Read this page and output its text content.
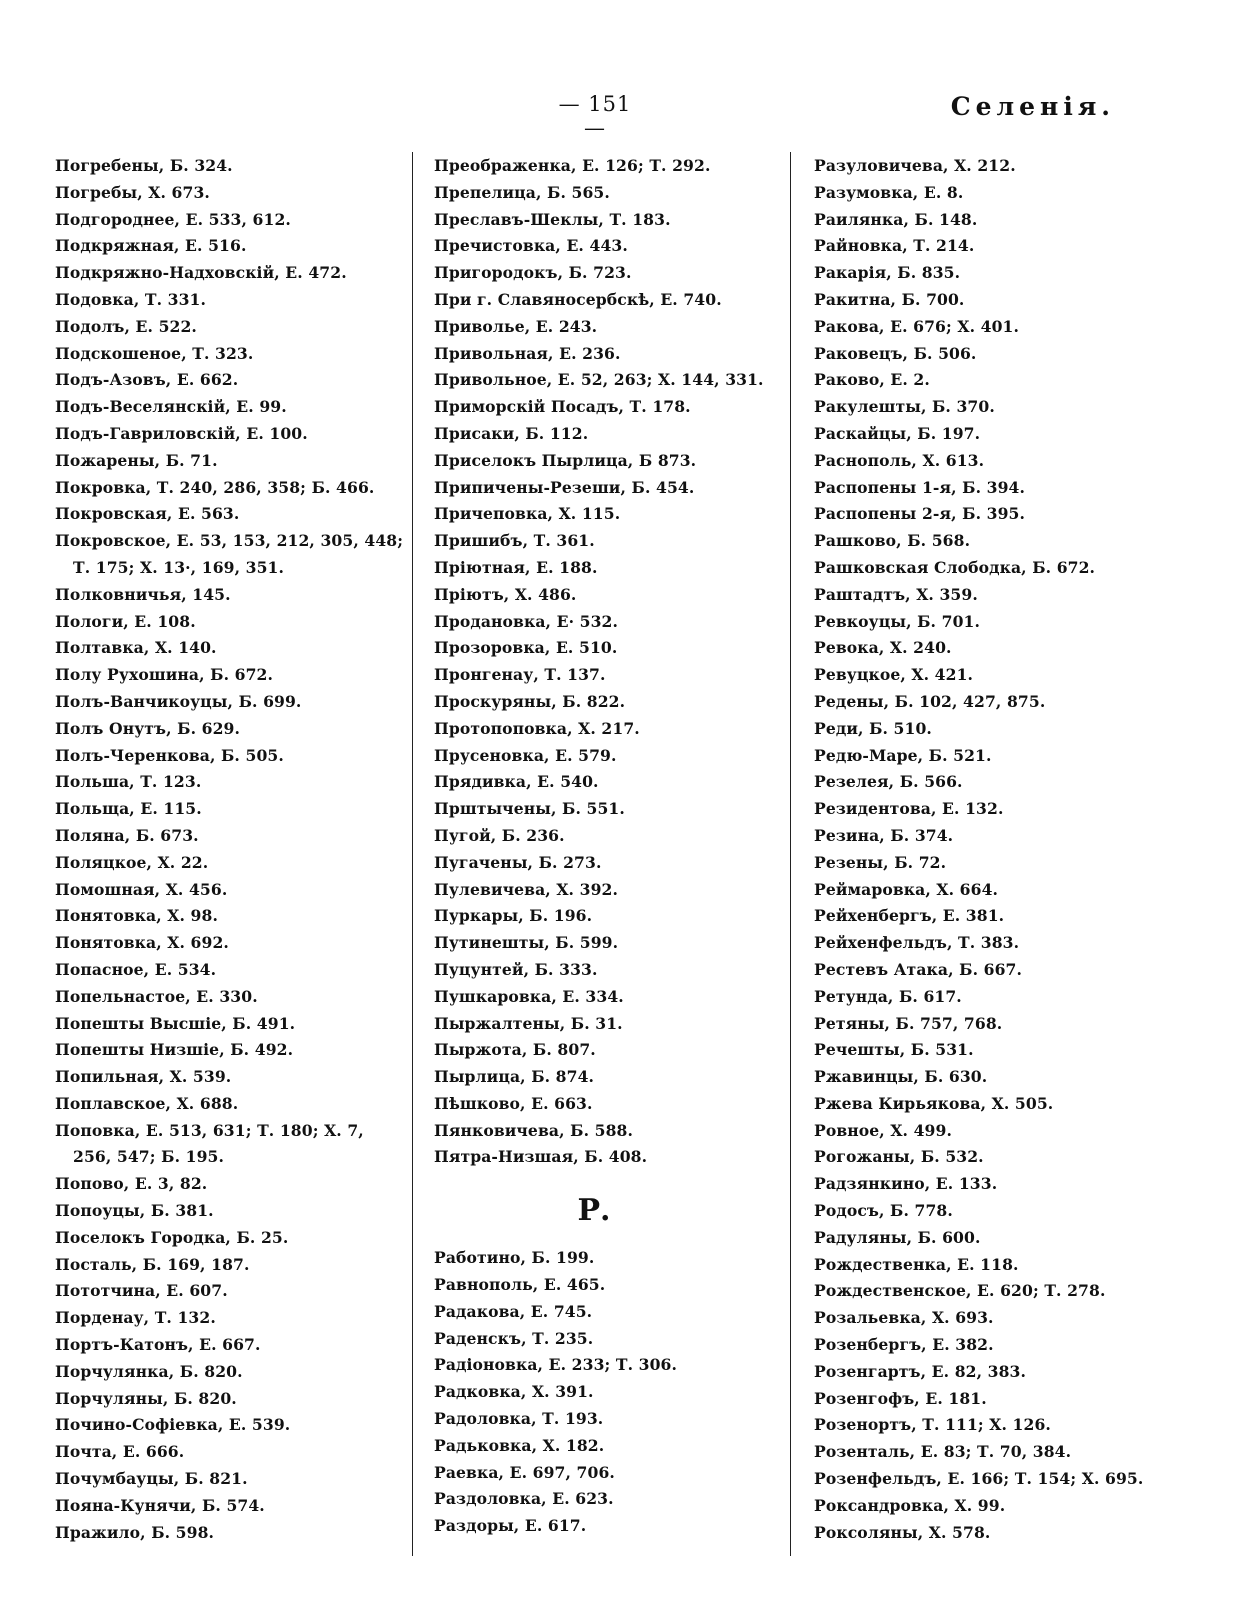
— 151 —
Селенія.
Погребены, Б. 324.
Погребы, Х. 673.
Подгороднее, Е. 533, 612.
Подкряжная, Е. 516.
Подкряжно-Надховскій, Е. 472.
Подовка, Т. 331.
Подолъ, Е. 522.
Подскошеное, Т. 323.
Подъ-Азовъ, Е. 662.
Подъ-Веселянскій, Е. 99.
Подъ-Гавриловскій, Е. 100.
Пожарены, Б. 71.
Покровка, Т. 240, 286, 358; Б. 466.
Покровская, Е. 563.
Покровское, Е. 53, 153, 212, 305, 448;
Т. 175; Х. 13·, 169, 351.
Полковничья, 145.
Пологи, Е. 108.
Полтавка, Х. 140.
Полу Рухошина, Б. 672.
Полъ-Ванчикоуцы, Б. 699.
Полъ Онутъ, Б. 629.
Полъ-Черенкова, Б. 505.
Польша, Т. 123.
Польща, Е. 115.
Поляна, Б. 673.
Поляцкое, Х. 22.
Помошная, Х. 456.
Понятовка, Х. 98.
Понятовка, Х. 692.
Попасное, Е. 534.
Попельнастое, Е. 330.
Попешты Высшіе, Б. 491.
Попешты Низшіе, Б. 492.
Попильная, Х. 539.
Поплавское, Х. 688.
Поповка, Е. 513, 631; Т. 180; Х. 7,
256, 547; Б. 195.
Попово, Е. 3, 82.
Попоуцы, Б. 381.
Поселокъ Городка, Б. 25.
Посталь, Б. 169, 187.
Пототчина, Е. 607.
Порденау, Т. 132.
Портъ-Катонъ, Е. 667.
Порчулянка, Б. 820.
Порчуляны, Б. 820.
Почино-Софіевка, Е. 539.
Почта, Е. 666.
Почумбауцы, Б. 821.
Пояна-Кунячи, Б. 574.
Пражило, Б. 598.
Преображенка, Е. 126; Т. 292.
Препелица, Б. 565.
Преславъ-Шеклы, Т. 183.
Пречистовка, Е. 443.
Пригородокъ, Б. 723.
При г. Славяносербскѣ, Е. 740.
Приволье, Е. 243.
Привольная, Е. 236.
Привольное, Е. 52, 263; Х. 144, 331.
Приморскій Посадъ, Т. 178.
Присаки, Б. 112.
Приселокъ Пырлица, Б 873.
Припичены-Резеши, Б. 454.
Причеповка, Х. 115.
Пришибъ, Т. 361.
Пріютная, Е. 188.
Пріютъ, Х. 486.
Продановка, Е· 532.
Прозоровка, Е. 510.
Пронгенау, Т. 137.
Проскуряны, Б. 822.
Протопоповка, Х. 217.
Прусеновка, Е. 579.
Прядивка, Е. 540.
Прштычены, Б. 551.
Пугой, Б. 236.
Пугачены, Б. 273.
Пулевичева, Х. 392.
Пуркары, Б. 196.
Путинешты, Б. 599.
Пуцунтей, Б. 333.
Пушкаровка, Е. 334.
Пыржалтены, Б. 31.
Пыржота, Б. 807.
Пырлица, Б. 874.
Пѣшково, Е. 663.
Пянковичева, Б. 588.
Пятра-Низшая, Б. 408.
Р.
Работино, Б. 199.
Равнополь, Е. 465.
Радакова, Е. 745.
Раденскъ, Т. 235.
Радіоновка, Е. 233; Т. 306.
Радковка, Х. 391.
Радоловка, Т. 193.
Радьковка, Х. 182.
Раевка, Е. 697, 706.
Раздоловка, Е. 623.
Раздоры, Е. 617.
Разуловичева, Х. 212.
Разумовка, Е. 8.
Раилянка, Б. 148.
Райновка, Т. 214.
Ракарія, Б. 835.
Ракитна, Б. 700.
Ракова, Е. 676; Х. 401.
Раковецъ, Б. 506.
Раково, Е. 2.
Ракулешты, Б. 370.
Раскайцы, Б. 197.
Раснополь, Х. 613.
Распопены 1-я, Б. 394.
Распопены 2-я, Б. 395.
Рашково, Б. 568.
Рашковская Слободка, Б. 672.
Раштадтъ, Х. 359.
Ревкоуцы, Б. 701.
Ревока, Х. 240.
Ревуцкое, Х. 421.
Редены, Б. 102, 427, 875.
Реди, Б. 510.
Редю-Маре, Б. 521.
Резелея, Б. 566.
Резидентова, Е. 132.
Резина, Б. 374.
Резены, Б. 72.
Реймаровка, Х. 664.
Рейхенбергъ, Е. 381.
Рейхенфельдъ, Т. 383.
Рестевъ Атака, Б. 667.
Ретунда, Б. 617.
Ретяны, Б. 757, 768.
Речешты, Б. 531.
Ржавинцы, Б. 630.
Ржева Кирьякова, Х. 505.
Ровное, Х. 499.
Рогожаны, Б. 532.
Радзянкино, Е. 133.
Родосъ, Б. 778.
Радуляны, Б. 600.
Рождественка, Е. 118.
Рождественское, Е. 620; Т. 278.
Розальевка, Х. 693.
Розенбергъ, Е. 382.
Розенгартъ, Е. 82, 383.
Розенгофъ, Е. 181.
Розенортъ, Т. 111; Х. 126.
Розенталь, Е. 83; Т. 70, 384.
Розенфельдъ, Е. 166; Т. 154; Х. 695.
Роксандровка, Х. 99.
Роксоляны, Х. 578.
